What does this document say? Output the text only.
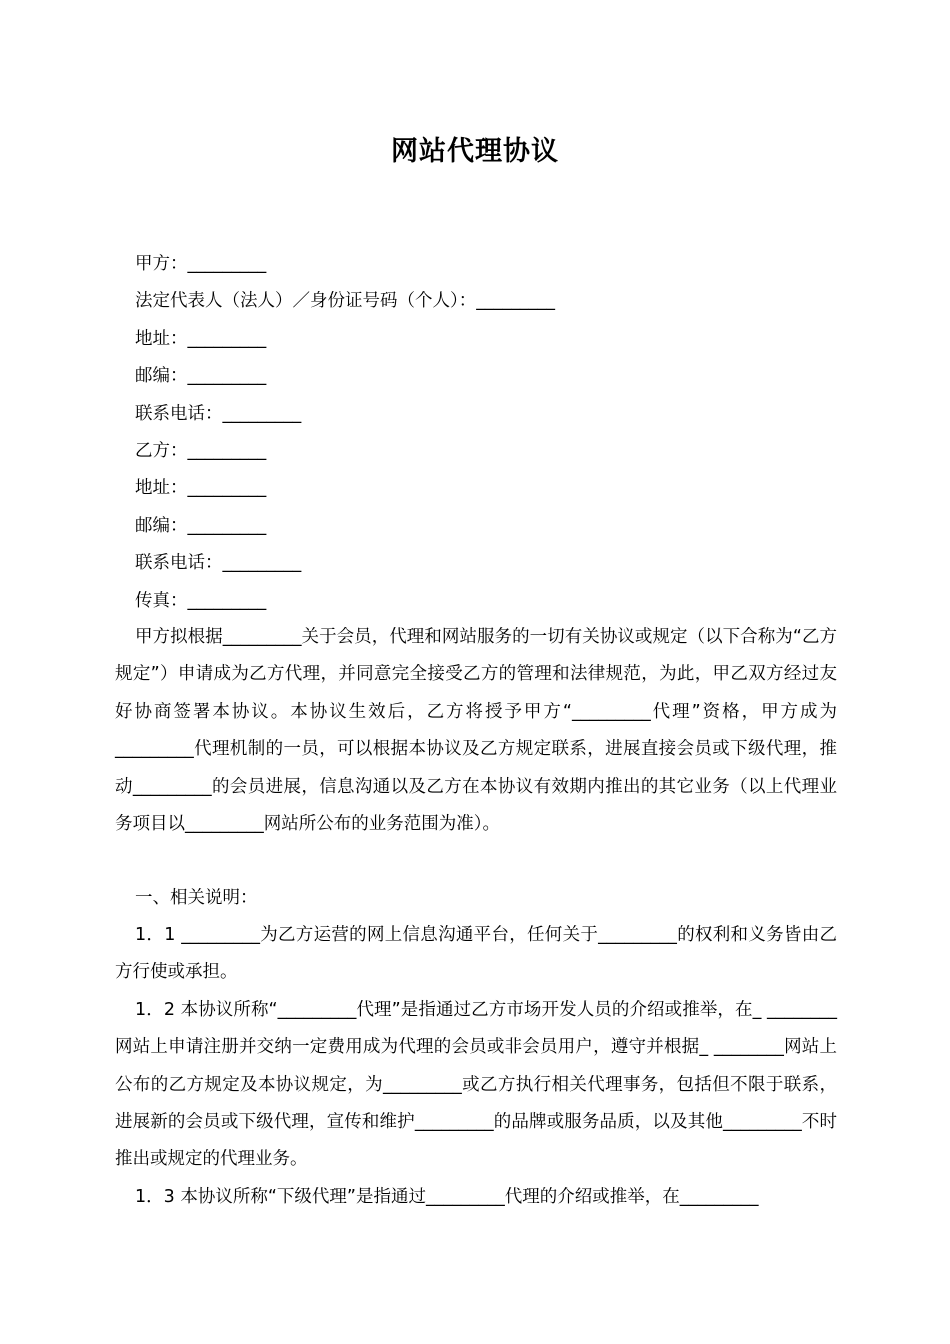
网站代理协议
甲方：_________
法定代表人（法人）／身份证号码（个人）：_________
地址：_________
邮编：_________
联系电话：_________
乙方：_________
地址：_________
邮编：_________
联系电话：_________
传真：_________

甲方拟根据_________关于会员，代理和网站服务的一切有关协议或规定（以下合称为“乙方规定”）申请成为乙方代理，并同意完全接受乙方的管理和法律规范，为此，甲乙双方经过友好协商签署本协议。本协议生效后，乙方将授予甲方“_________代理”资格，甲方成为_________代理机制的一员，可以根据本协议及乙方规定联系，进展直接会员或下级代理，推动_________的会员进展，信息沟通以及乙方在本协议有效期内推出的其它业务（以上代理业务项目以_________网站所公布的业务范围为准）。

一、相关说明：

1．1 _________为乙方运营的网上信息沟通平台，任何关于_________的权利和义务皆由乙方行使或承担。

1．2 本协议所称“_________代理”是指通过乙方市场开发人员的介绍或推举，在_ ________网站上申请注册并交纳一定费用成为代理的会员或非会员用户，遵守并根据_ ________网站上公布的乙方规定及本协议规定，为_________或乙方执行相关代理事务，包括但不限于联系，进展新的会员或下级代理，宣传和维护_________的品牌或服务品质，以及其他_________不时推出或规定的代理业务。

1．3 本协议所称“下级代理”是指通过_________代理的介绍或推举，在_________
